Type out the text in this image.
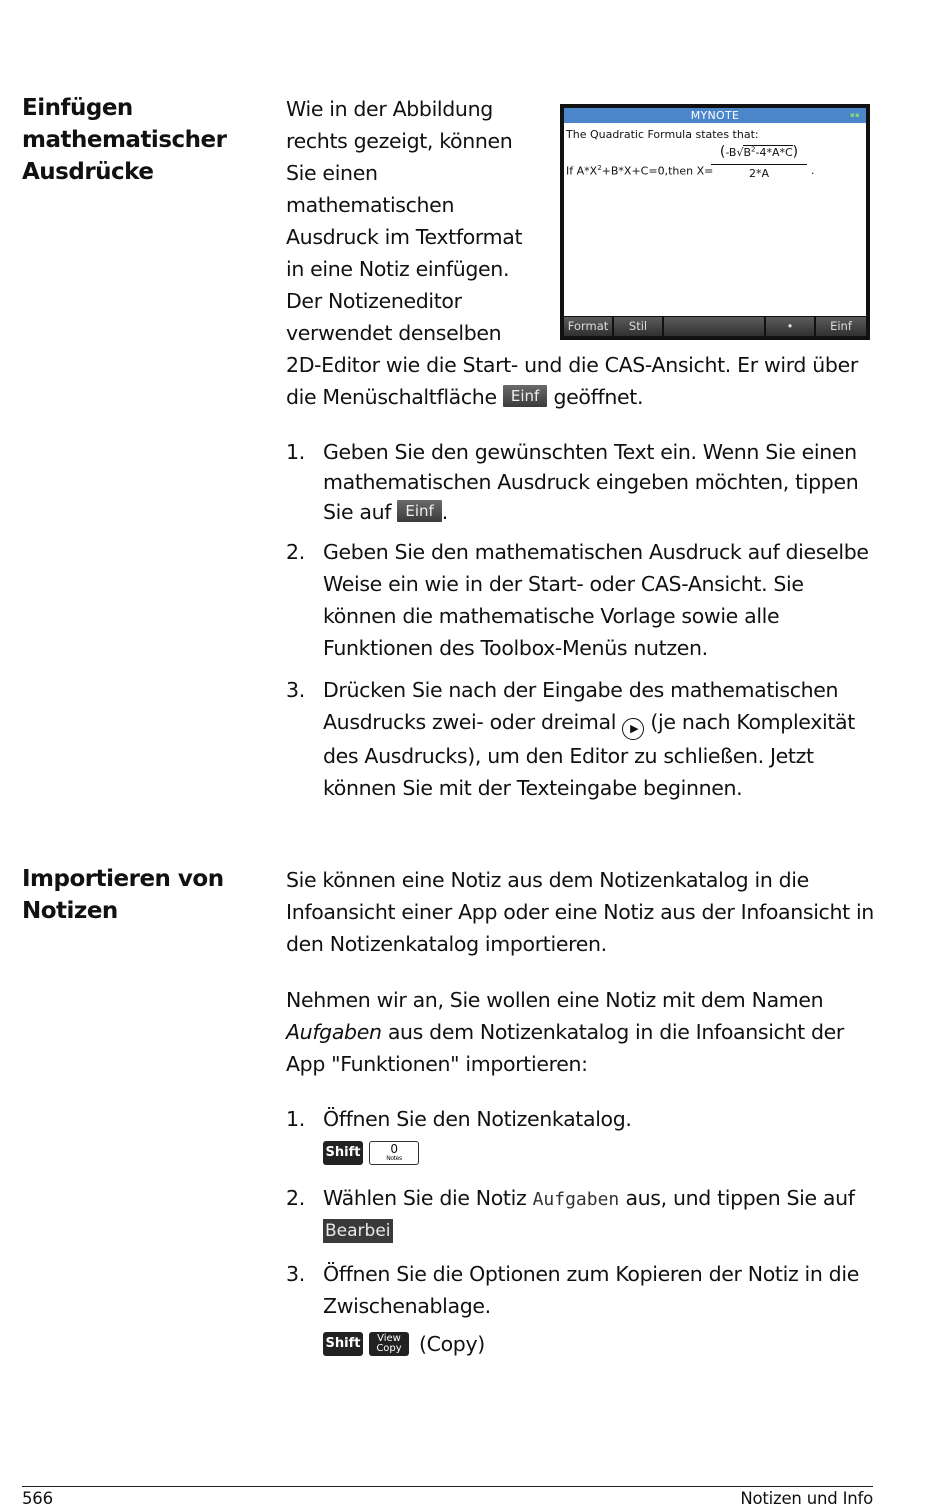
Einfügen
mathematischer
Ausdrücke
Wie in der Abbildung
rechts gezeigt, können
Sie einen
mathematischen
Ausdruck im Textformat
in eine Notiz einfügen.
Der Notizeneditor
verwendet denselben
2D-Editor wie die Start- und die CAS-Ansicht. Er wird über
die Menüschaltfläche Einf geöffnet.
MYNOTE	▪▪
The Quadratic Formula states that:
If $A*X^2+B*X+C=0,then$ X=
$(-B√B^2-4*A*C)$
2*A	.
Format	Stil	•	Einf
1. Geben Sie den gewünschten Text ein. Wenn Sie einen mathematischen Ausdruck eingeben möchten, tippen Sie auf Einf .
2. Geben Sie den mathematischen Ausdruck auf dieselbe Weise ein wie in der Start- oder CAS-Ansicht. Sie können die mathematische Vorlage sowie alle Funktionen des Toolbox-Menüs nutzen.
3. Drücken Sie nach der Eingabe des mathematischen Ausdrucks zwei- oder dreimal ▶ (je nach Komplexität des Ausdrucks), um den Editor zu schließen. Jetzt können Sie mit der Texteingabe beginnen.
Importieren von
Notizen
Sie können eine Notiz aus dem Notizenkatalog in die Infoansicht einer App oder eine Notiz aus der Infoansicht in den Notizenkatalog importieren.
Nehmen wir an, Sie wollen eine Notiz mit dem Namen Aufgaben aus dem Notizenkatalog in die Infoansicht der App "Funktionen" importieren:
1. Öffnen Sie den Notizenkatalog.
Shift 0
Notes
2. Wählen Sie die Notiz Aufgaben aus, und tippen Sie auf Bearbei
3. Öffnen Sie die Optionen zum Kopieren der Notiz in die Zwischenablage.
Shift View
Copy (Copy)
566	Notizen und Info
